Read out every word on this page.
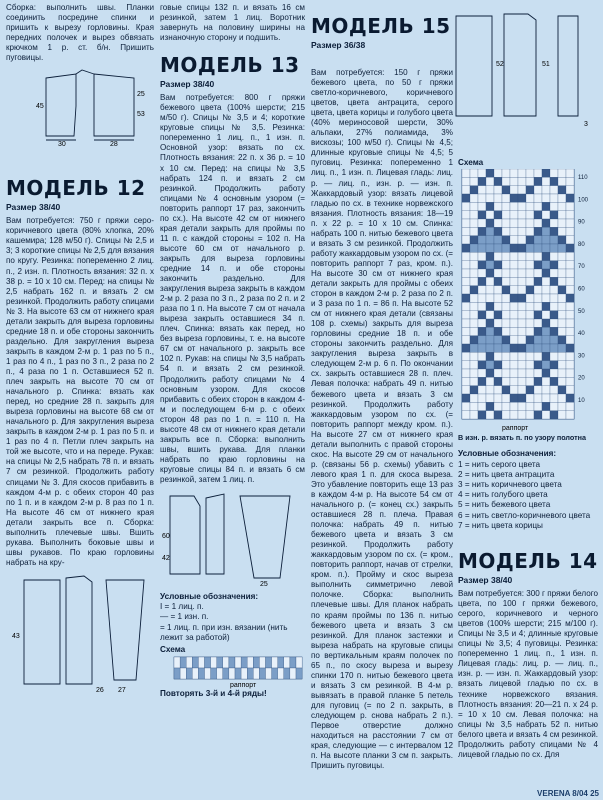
Сборка: выполнить швы. Планки соединить посредине спинки и пришить к вырезу горловины. Края передних полочек и вырез обвязать крючком 1 р. ст. б/н. Пришить пуговицы.

30	28
45
25
53
МОДЕЛЬ 12
Размер 38/40

Вам потребуется: 750 г пряжи серо-коричневого цвета (80% хлопка, 20% кашемира; 128 м/50 г). Спицы № 2,5 и 3; 3 короткие спицы № 2,5 для вязания по кругу. Резинка: попеременно 2 лиц. п., 2 изн. п. Плотность вязания: 32 п. х 38 р. = 10 х 10 см. Перед: на спицы № 2,5 набрать 162 п. и вязать 2 см резинкой. Продолжить работу спицами № 3. На высоте 63 см от нижнего края детали закрыть для выреза горловины средние 18 п. и обе стороны закончить раздельно. Для закругления выреза закрыть в каждом 2-м р. 1 раз по 5 п., 1 раз по 4 п., 1 раз по 3 п., 2 раза по 2 п., 4 раза по 1 п. Оставшиеся 52 п. плеч закрыть на высоте 70 см от начального р. Спинка: вязать как перед, но средние 28 п. закрыть для выреза горловины на высоте 68 см от начального р. Для закругления выреза закрыть в каждом 2-м р. 1 раз по 5 п. и 1 раз по 4 п. Петли плеч закрыть на той же высоте, что и на переде. Рукав: на спицы № 2,5 набрать 78 п. и вязать 7 см резинкой. Продолжить работу спицами № 3. Для скосов прибавить в каждом 4-м р. с обеих сторон 40 раз по 1 п. и в каждом 2-м р. 8 раз по 1 п. На высоте 46 см от нижнего края детали закрыть все п. Сборка: выполнить плечевые швы. Вшить рукава. Выполнить боковые швы и швы рукавов. По краю горловины набрать на кру-

43
26 27

говые спицы 132 п. и вязать 16 см резинкой, затем 1 лиц. Воротник завернуть на половину ширины на изнаночную сторону и подшить.

МОДЕЛЬ 13
Размер 38/40

Вам потребуется: 800 г пряжи бежевого цвета (100% шерсти; 215 м/50 г). Спицы № 3,5 и 4; короткие круговые спицы № 3,5. Резинка: попеременно 1 лиц. п., 1 изн. п. Основной узор: вязать по сх. Плотность вязания: 22 п. х 36 р. = 10 х 10 см. Перед: на спицы № 3,5 набрать 124 п. и вязать 2 см резинкой. Продолжить работу спицами № 4 основным узором (= повторить раппорт 17 раз, закончить по сх.). На высоте 42 см от нижнего края детали закрыть для проймы по 11 п. с каждой стороны = 102 п. На высоте 60 см от начального р. закрыть для выреза горловины средние 14 п. и обе стороны закончить раздельно. Для закругления выреза закрыть в каждом 2-м р. 2 раза по 3 п., 2 раза по 2 п. и 2 раза по 1 п. На высоте 7 см от начала выреза закрыть оставшиеся 34 п. плеч. Спинка: вязать как перед, но без выреза горловины, т. е. на высоте 67 см от начального р. закрыть все 102 п. Рукав: на спицы № 3,5 набрать 54 п. и вязать 2 см резинкой. Продолжить работу спицами № 4 основным узором. Для скосов прибавить с обеих сторон в каждом 4-м и последующем 6-м р. с обеих сторон 48 раз по 1 п. = 110 п. На высоте 48 см от нижнего края детали закрыть все п. Сборка: выполнить швы, вшить рукава. Для планки набрать по краю горловины на круговые спицы 84 п. и вязать 6 см резинкой, затем 1 лиц. п.

60
42
25
Условные обозначения:
I = 1 лиц. п.
— = 1 изн. п.
= 1 лиц. п. при изн. вязании (нить лежит за работой)
Схема
раппорт
Повторять 3-й и 4-й ряды!
МОДЕЛЬ 15
Размер 36/38

Вам потребуется: 150 г пряжи бежевого цвета, по 50 г пряжи светло-коричневого, коричневого цветов, цвета антрацита, серого цвета, цвета корицы и голубого цвета (40% мериносовой шерсти, 30% альпаки, 27% полиамида, 3% вискозы; 100 м/50 г). Спицы № 4,5; длинные круговые спицы № 4,5; 5 пуговиц. Резинка: попеременно 1 лиц. п., 1 изн. п. Лицевая гладь: лиц. р. — лиц. п., изн. р. — изн. п. Жаккардовый узор: вязать лицевой гладью по сх. в технике норвежского вязания. Плотность вязания: 18—19 п. х 22 р. = 10 х 10 см. Спинка: набрать 100 п. нитью бежевого цвета и вязать 3 см резинкой. Продолжить работу жаккардовым узором по сх. (= повторить раппорт 7 раз, кром. п.). На высоте 30 см от нижнего края детали закрыть для проймы с обеих сторон в каждом 2-м р. 2 раза по 2 п. и 3 раза по 1 п. = 86 п. На высоте 52 см от нижнего края детали (связаны 108 р. схемы) закрыть для выреза горловины средние 18 п. и обе стороны закончить раздельно. Для закругления выреза закрыть в следующем 2-м р. 6 п. По окончании сх. закрыть оставшиеся 28 п. плеч. Левая полочка: набрать 49 п. нитью бежевого цвета и вязать 3 см резинкой. Продолжить работу жаккардовым узором по сх. (= повторить раппорт между кром. п.). На высоте 27 см от нижнего края детали выполнить с правой стороны скос. На высоте 29 см от начального р. (связаны 56 р. схемы) убавить с левого края 1 п. для скоса выреза. Это убавление повторить еще 13 раз в каждом 4-м р. На высоте 54 см от начального р. (= конец сх.) закрыть оставшиеся 28 п. плеча. Правая полочка: набрать 49 п. нитью бежевого цвета и вязать 3 см резинкой. Продолжить работу жаккардовым узором по сх. (= кром., повторить раппорт, начав от стрелки, кром. п.). Пройму и скос выреза выполнить симметрично левой полочке. Сборка: выполнить плечевые швы. Для планок набрать по краям проймы по 136 п. нитью бежевого цвета и вязать 3 см резинкой. Для планок застежки и выреза набрать на круговые спицы по вертикальным краям полочек по 65 п., по скосу выреза и вырезу спинки 170 п. нитью бежевого цвета и вязать 3 см резинкой. В 4-м р. вывязать в правой планке 5 петель для пуговиц (= по 2 п. закрыть, в следующем р. снова набрать 2 п.). Первое отверстие должно находиться на расстоянии 7 см от края, следующие — с интервалом 12 п. На высоте планки 3 см п. закрыть. Пришить пуговицы.

52	51
3
Схема
110
100
90
80
70
60
50
40
30
20
10
раппорт
В изн. р. вязать п. по узору полотна
Условные обозначения:
1 = нить серого цвета
2 = нить цвета антрацита
3 = нить коричневого цвета
4 = нить голубого цвета
5 = нить бежевого цвета
6 = нить светло-коричневого цвета
7 = нить цвета корицы
МОДЕЛЬ 14
Размер 38/40

Вам потребуется: 300 г пряжи белого цвета, по 100 г пряжи бежевого, серого, коричневого и черного цветов (100% шерсти; 215 м/100 г). Спицы № 3,5 и 4; длинные круговые спицы № 3,5; 4 пуговицы. Резинка: попеременно 1 лиц. п., 1 изн. п. Лицевая гладь: лиц. р. — лиц. п., изн. р. — изн. п. Жаккардовый узор: вязать лицевой гладью по сх. в технике норвежского вязания. Плотность вязания: 20—21 п. х 24 р. = 10 х 10 см. Левая полочка: на спицы № 3,5 набрать 52 п. нитью белого цвета и вязать 4 см резинкой. Продолжить работу спицами № 4 лицевой гладью по сх. Для

VERENA 8/04 25
